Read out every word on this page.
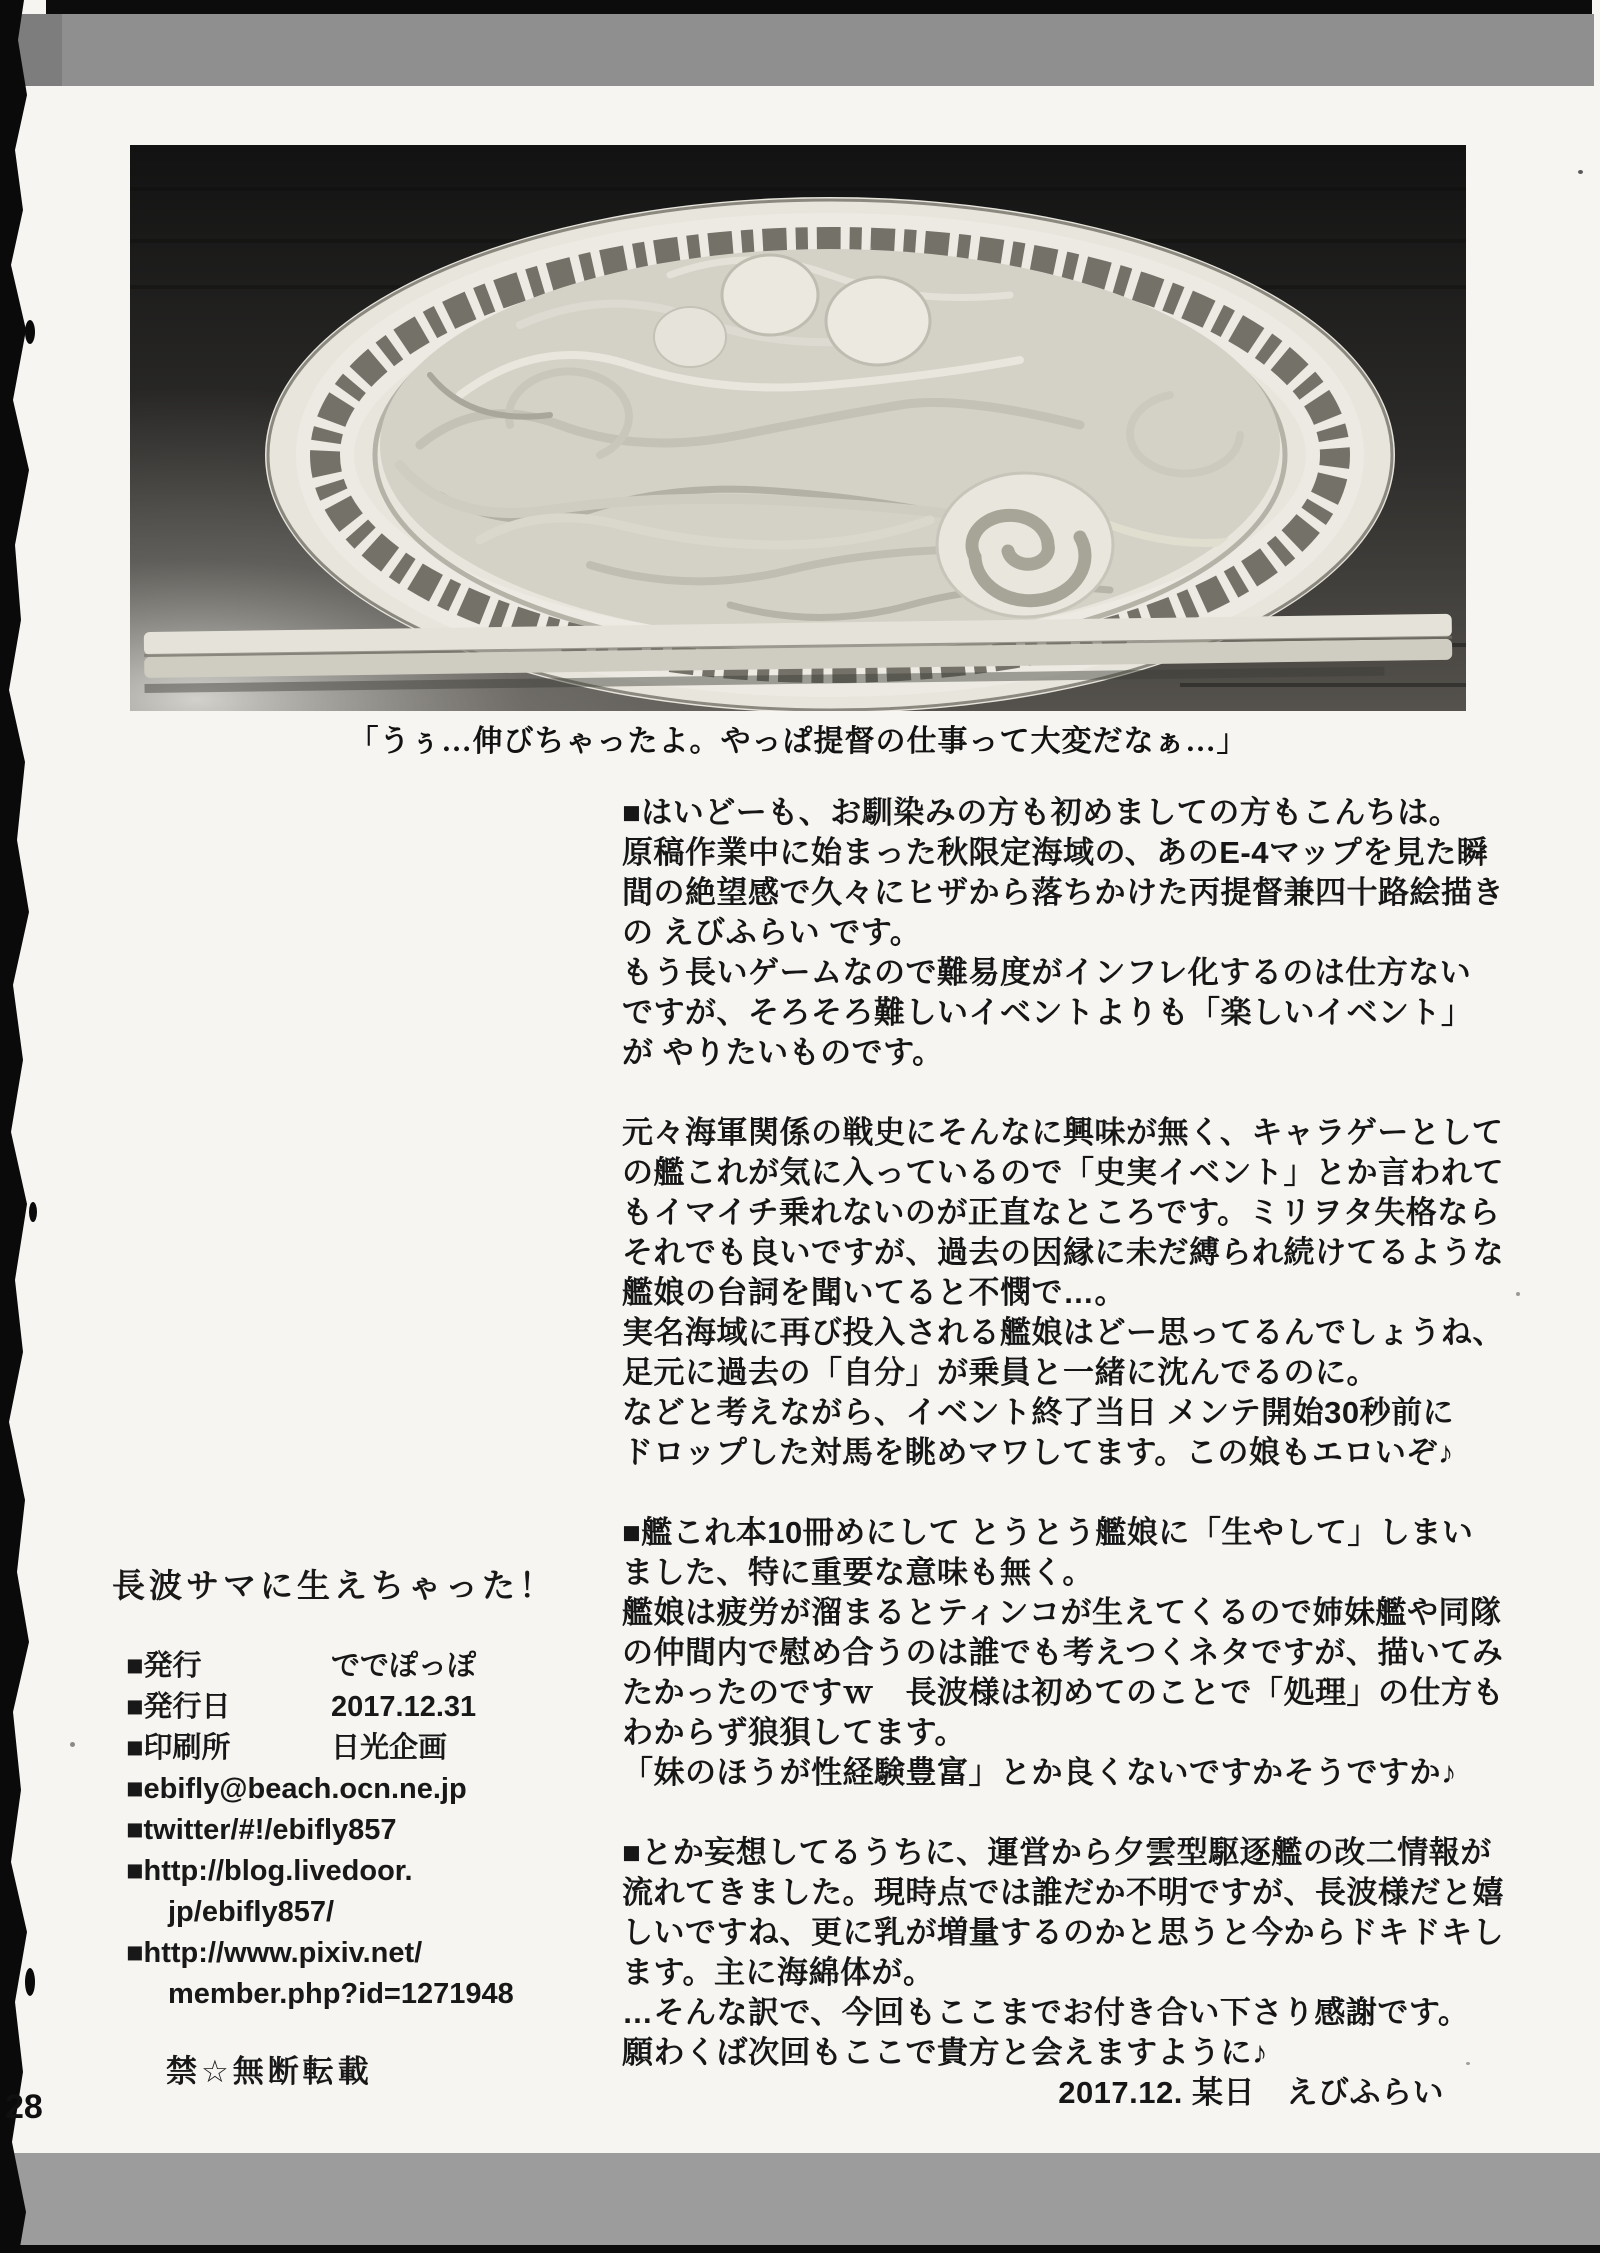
「うぅ…伸びちゃったよ。やっぱ提督の仕事って大変だなぁ…」
■はいどーも、お馴染みの方も初めましての方もこんちは。
原稿作業中に始まった秋限定海域の、あのE-4マップを見た瞬
間の絶望感で久々にヒザから落ちかけた丙提督兼四十路絵描き
の えびふらい です。
もう長いゲームなので難易度がインフレ化するのは仕方ない
ですが、そろそろ難しいイベントよりも「楽しいイベント」
が やりたいものです。
元々海軍関係の戦史にそんなに興味が無く、キャラゲーとして
の艦これが気に入っているので「史実イベント」とか言われて
もイマイチ乗れないのが正直なところです。ミリヲタ失格なら
それでも良いですが、過去の因縁に未だ縛られ続けてるような
艦娘の台詞を聞いてると不憫で…。
実名海域に再び投入される艦娘はどー思ってるんでしょうね、
足元に過去の「自分」が乗員と一緒に沈んでるのに。
などと考えながら、イベント終了当日 メンテ開始30秒前に
ドロップした対馬を眺めマワしてます。この娘もエロいぞ♪
■艦これ本10冊めにして とうとう艦娘に「生やして」しまい
ました、特に重要な意味も無く。
艦娘は疲労が溜まるとティンコが生えてくるので姉妹艦や同隊
の仲間内で慰め合うのは誰でも考えつくネタですが、描いてみ
たかったのですｗ　長波様は初めてのことで「処理」の仕方も
わからず狼狽してます。
「妹のほうが性経験豊富」とか良くないですかそうですか♪
■とか妄想してるうちに、運営から夕雲型駆逐艦の改二情報が
流れてきました。現時点では誰だか不明ですが、長波様だと嬉
しいですね、更に乳が増量するのかと思うと今からドキドキし
ます。主に海綿体が。
…そんな訳で、今回もここまでお付き合い下さり感謝です。
願わくば次回もここで貴方と会えますように♪
2017.12. 某日　えびふらい
長波サマに生えちゃった！
■発行	ででぽっぽ
■発行日	2017.12.31
■印刷所	日光企画
■ebifly@beach.ocn.ne.jp
■twitter/#!/ebifly857
■http://blog.livedoor.
jp/ebifly857/
■http://www.pixiv.net/
member.php?id=1271948
禁☆無断転載
28
